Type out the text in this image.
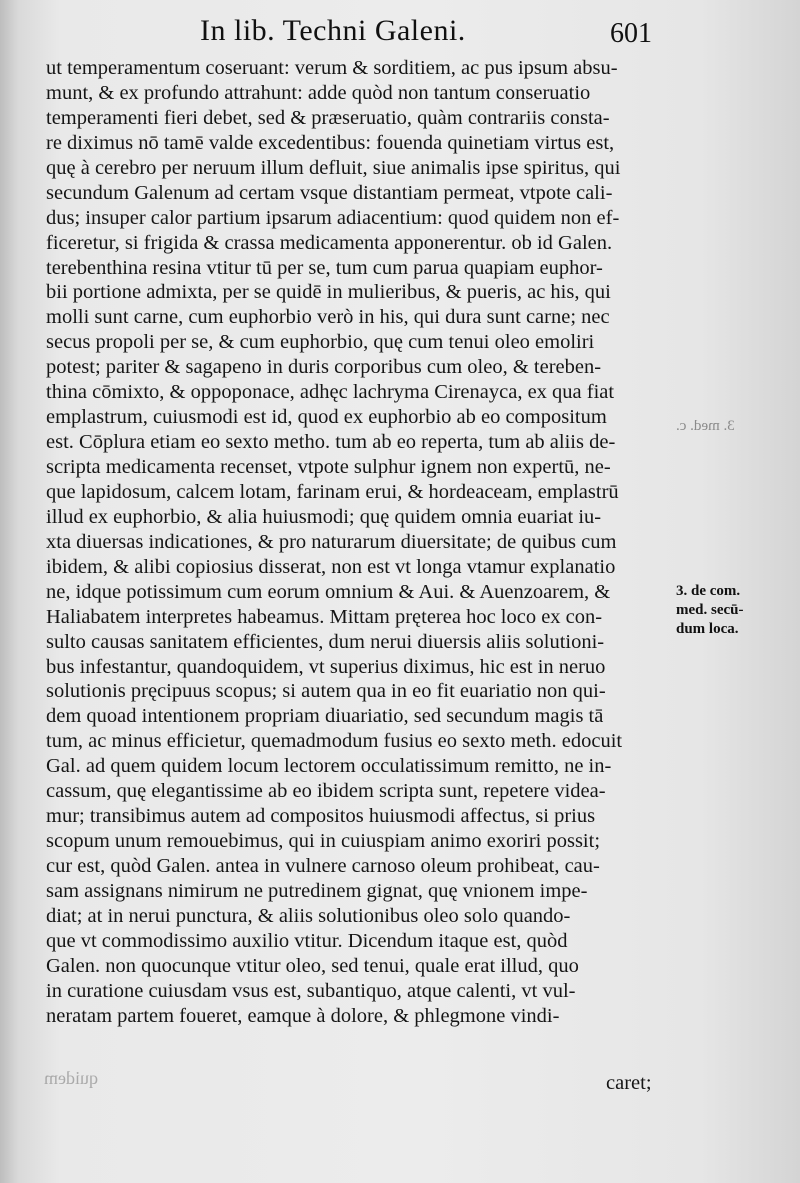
In lib. Techni Galeni.	601
ut temperamentum coseruant: verum & sorditiem, ac pus ipsum absu-
munt, & ex profundo attrahunt: adde quòd non tantum conseruatio
temperamenti fieri debet, sed & præseruatio, quàm contrariis consta-
re diximus nō tamē valde excedentibus: fouenda quinetiam virtus est,
quę à cerebro per neruum illum defluit, siue animalis ipse spiritus, qui
secundum Galenum ad certam vsque distantiam permeat, vtpote cali-
dus; insuper calor partium ipsarum adiacentium: quod quidem non ef-
ficeretur, si frigida & crassa medicamenta apponerentur. ob id Galen.
terebenthina resina vtitur tū per se, tum cum parua quapiam euphor-
bii portione admixta, per se quidē in mulieribus, & pueris, ac his, qui
molli sunt carne, cum euphorbio verò in his, qui dura sunt carne; nec
secus propoli per se, & cum euphorbio, quę cum tenui oleo emoliri
potest; pariter & sagapeno in duris corporibus cum oleo, & tereben-
thina cōmixto, & oppoponace, adhęc lachryma Cirenayca, ex qua fiat
emplastrum, cuiusmodi est id, quod ex euphorbio ab eo compositum
est. Cōplura etiam eo sexto metho. tum ab eo reperta, tum ab aliis de-
scripta medicamenta recenset, vtpote sulphur ignem non expertū, ne-
que lapidosum, calcem lotam, farinam erui, & hordeaceam, emplastrū
illud ex euphorbio, & alia huiusmodi; quę quidem omnia euariat iu-
xta diuersas indicationes, & pro naturarum diuersitate; de quibus cum
ibidem, & alibi copiosius disserat, non est vt longa vtamur explanatio
ne, idque potissimum cum eorum omnium & Aui. & Auenzoarem, &
Haliabatem interpretes habeamus. Mittam pręterea hoc loco ex con-
sulto causas sanitatem efficientes, dum nerui diuersis aliis solutioni-
bus infestantur, quandoquidem, vt superius diximus, hic est in neruo
solutionis pręcipuus scopus; si autem qua in eo fit euariatio non qui-
dem quoad intentionem propriam diuariatio, sed secundum magis tā
tum, ac minus efficietur, quemadmodum fusius eo sexto meth. edocuit
Gal. ad quem quidem locum lectorem occulatissimum remitto, ne in-
cassum, quę elegantissime ab eo ibidem scripta sunt, repetere videa-
mur; transibimus autem ad compositos huiusmodi affectus, si prius
scopum unum remouebimus, qui in cuiuspiam animo exoriri possit;
cur est, quòd Galen. antea in vulnere carnoso oleum prohibeat, cau-
sam assignans nimirum ne putredinem gignat, quę vnionem impe-
diat; at in nerui punctura, & aliis solutionibus oleo solo quando-
que vt commodissimo auxilio vtitur. Dicendum itaque est, quòd
Galen. non quocunque vtitur oleo, sed tenui, quale erat illud, quo
in curatione cuiusdam vsus est, subantiquo, atque calenti, vt vul-
neratam partem foueret, eamque à dolore, & phlegmone vindi-
caret;
3. med. c.
3. de com.
med. secū-
dum loca.
quidem
